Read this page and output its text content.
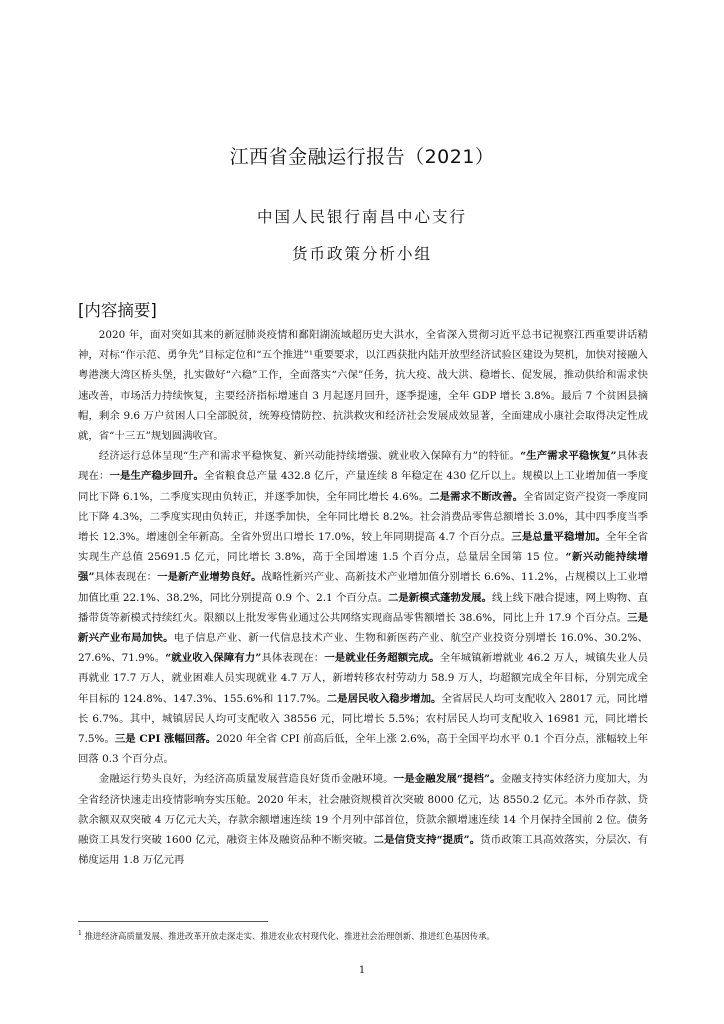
江西省金融运行报告（2021）
中国人民银行南昌中心支行
货币政策分析小组
[内容摘要]

2020 年，面对突如其来的新冠肺炎疫情和鄱阳湖流域超历史大洪水，全省深入贯彻习近平总书记视察江西重要讲话精神，对标“作示范、勇争先”目标定位和“五个推进”¹重要要求，以江西获批内陆开放型经济试验区建设为契机，加快对接融入粤港澳大湾区桥头堡，扎实做好“六稳”工作，全面落实“六保”任务，抗大疫、战大洪、稳增长、促发展，推动供给和需求快速改善，市场活力持续恢复，主要经济指标增速自 3 月起逐月回升，逐季提速，全年 GDP 增长 3.8%。最后 7 个贫困县摘帽，剩余 9.6 万户贫困人口全部脱贫，统筹疫情防控、抗洪救灾和经济社会发展成效显著，全面建成小康社会取得决定性成就，省“十三五”规划圆满收官。

经济运行总体呈现“生产和需求平稳恢复、新兴动能持续增强、就业收入保障有力”的特征。“生产需求平稳恢复”具体表现在：一是生产稳步回升。全省粮食总产量 432.8 亿斤，产量连续 8 年稳定在 430 亿斤以上。规模以上工业增加值一季度同比下降 6.1%，二季度实现由负转正，并逐季加快，全年同比增长 4.6%。二是需求不断改善。全省固定资产投资一季度同比下降 4.3%，二季度实现由负转正，并逐季加快，全年同比增长 8.2%。社会消费品零售总额增长 3.0%，其中四季度当季增长 12.3%。增速创全年新高。全省外贸出口增长 17.0%，较上年同期提高 4.7 个百分点。三是总量平稳增加。全年全省实现生产总值 25691.5 亿元，同比增长 3.8%，高于全国增速 1.5 个百分点，总量居全国第 15 位。“新兴动能持续增强”具体表现在：一是新产业增势良好。战略性新兴产业、高新技术产业增加值分别增长 6.6%、11.2%，占规模以上工业增加值比重 22.1%、38.2%，同比分别提高 0.9 个、2.1 个百分点。二是新模式蓬勃发展。线上线下融合提速，网上购物、直播带货等新模式持续红火。限额以上批发零售业通过公共网络实现商品零售额增长 38.6%，同比上升 17.9 个百分点。三是新兴产业布局加快。电子信息产业、新一代信息技术产业、生物和新医药产业、航空产业投资分别增长 16.0%、30.2%、27.6%、71.9%。“就业收入保障有力”具体表现在：一是就业任务超额完成。全年城镇新增就业 46.2 万人，城镇失业人员再就业 17.7 万人，就业困难人员实现就业 4.7 万人，新增转移农村劳动力 58.9 万人，均超额完成全年目标，分别完成全年目标的 124.8%、147.3%、155.6%和 117.7%。二是居民收入稳步增加。全省居民人均可支配收入 28017 元，同比增长 6.7%。其中，城镇居民人均可支配收入 38556 元，同比增长 5.5%；农村居民人均可支配收入 16981 元，同比增长 7.5%。三是 CPI 涨幅回落。2020 年全省 CPI 前高后低，全年上涨 2.6%，高于全国平均水平 0.1 个百分点，涨幅较上年回落 0.3 个百分点。

金融运行势头良好，为经济高质量发展营造良好货币金融环境。一是金融发展“提档”。金融支持实体经济力度加大，为全省经济快速走出疫情影响夯实压舱。2020 年末，社会融资规模首次突破 8000 亿元，达 8550.2 亿元。本外币存款、贷款余额双双突破 4 万亿元大关，存款余额增速连续 19 个月列中部首位，贷款余额增速连续 14 个月保持全国前 2 位。债务融资工具发行突破 1600 亿元，融资主体及融资品种不断突破。二是信贷支持“提质”。货币政策工具高效落实，分层次、有梯度运用 1.8 万亿元再

$^1$ 推进经济高质量发展、推进改革开放走深走实、推进农业农村现代化、推进社会治理创新、推进红色基因传承。
1
